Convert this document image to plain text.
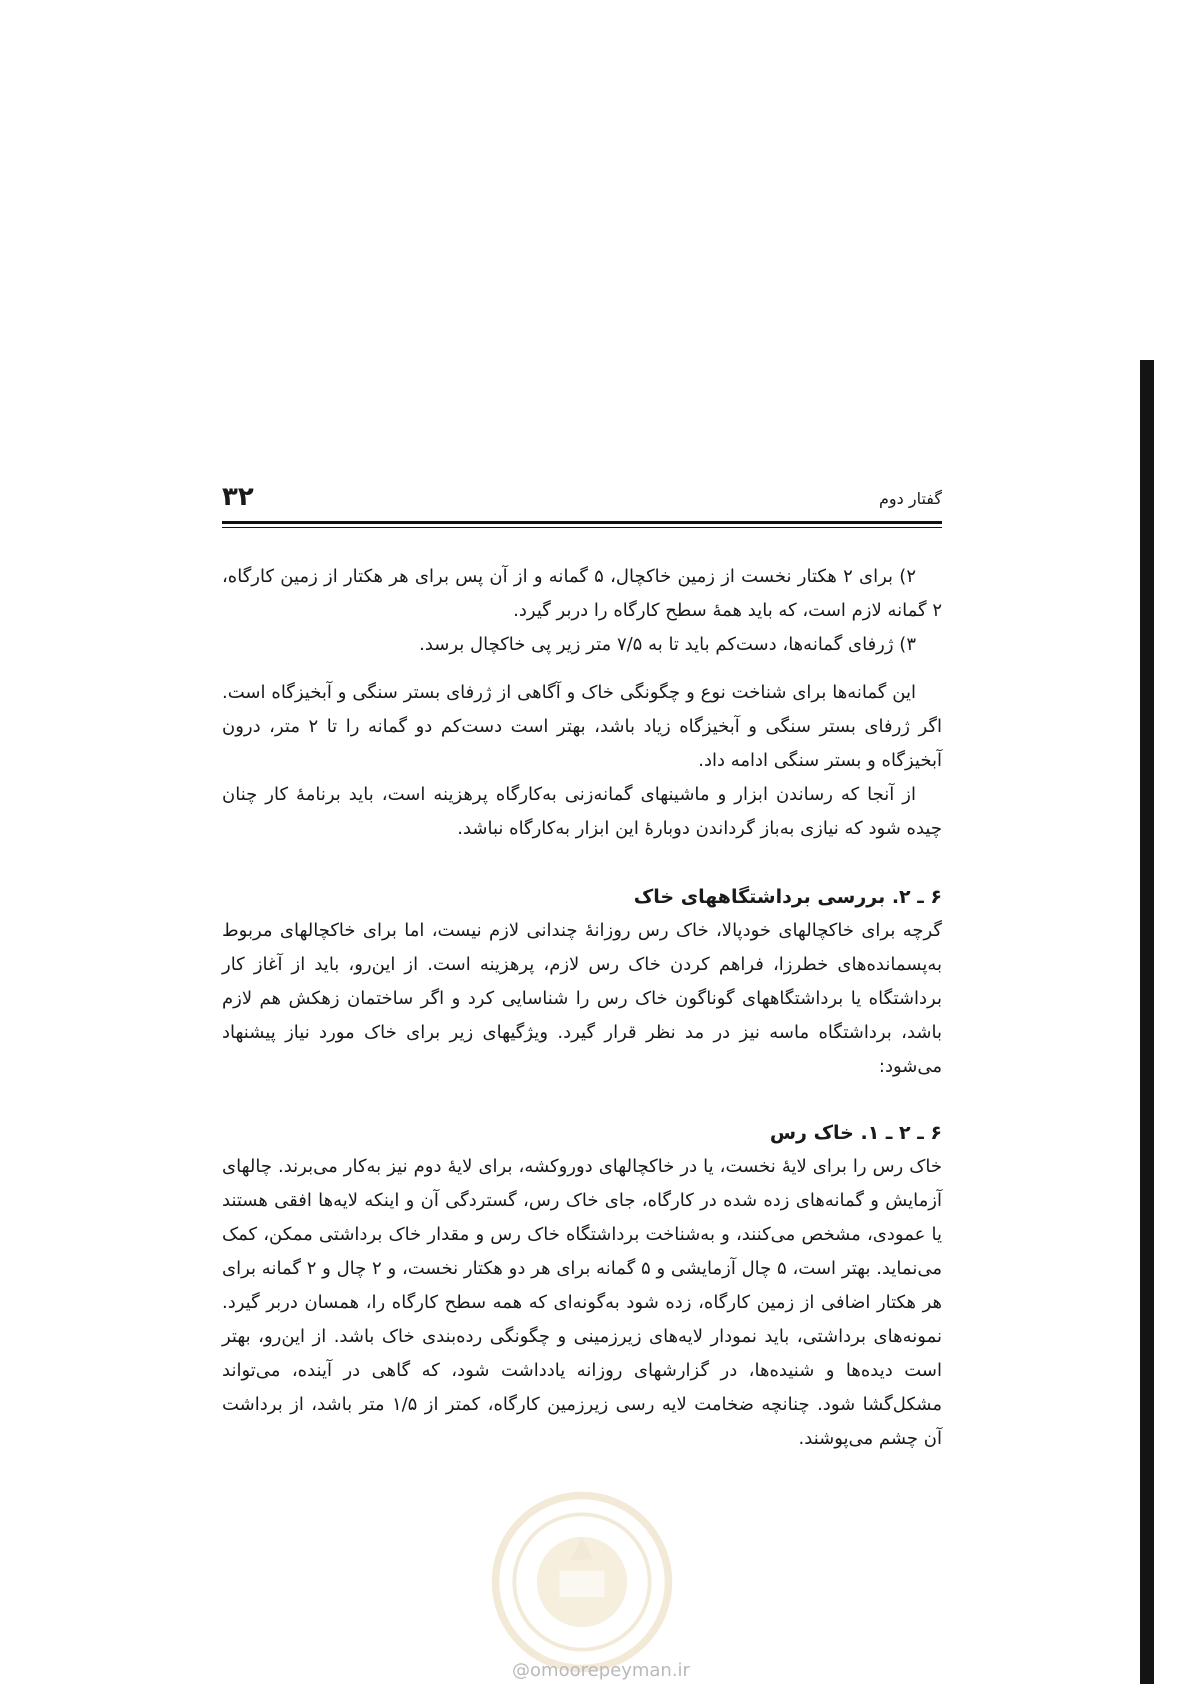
۳۲	گفتار دوم

۲) برای ۲ هکتار نخست از زمین خاکچال، ۵ گمانه و از آن پس برای هر هکتار از زمین کارگاه، ۲ گمانه لازم است، که باید همهٔ سطح کارگاه را دربر گیرد.

۳) ژرفای گمانه‌ها، دست‌کم باید تا به ۷/۵ متر زیر پی خاکچال برسد.

این گمانه‌ها برای شناخت نوع و چگونگی خاک و آگاهی از ژرفای بستر سنگی و آبخیزگاه است. اگر ژرفای بستر سنگی و آبخیزگاه زیاد باشد، بهتر است دست‌کم دو گمانه را تا ۲ متر، درون آبخیزگاه و بستر سنگی ادامه داد.

از آنجا که رساندن ابزار و ماشینهای گمانه‌زنی به‌کارگاه پرهزینه است، باید برنامهٔ کار چنان چیده شود که نیازی به‌باز گرداندن دوبارهٔ این ابزار به‌کارگاه نباشد.

۶ ـ ۲. بررسی برداشتگاههای خاک

گرچه برای خاکچالهای خودپالا، خاک رس روزانهٔ چندانی لازم نیست، اما برای خاکچالهای مربوط به‌پسمانده‌های خطرزا، فراهم کردن خاک رس لازم، پرهزینه است. از این‌رو، باید از آغاز کار برداشتگاه یا برداشتگاههای گوناگون خاک رس را شناسایی کرد و اگر ساختمان زهکش هم لازم باشد، برداشتگاه ماسه نیز در مد نظر قرار گیرد. ویژگیهای زیر برای خاک مورد نیاز پیشنهاد می‌شود:

۶ ـ ۲ ـ ۱. خاک رس

خاک رس را برای لایهٔ نخست، یا در خاکچالهای دوروکشه، برای لایهٔ دوم نیز به‌کار می‌برند. چالهای آزمایش و گمانه‌های زده شده در کارگاه، جای خاک رس، گستردگی آن و اینکه لایه‌ها افقی هستند یا عمودی، مشخص می‌کنند، و به‌شناخت برداشتگاه خاک رس و مقدار خاک برداشتی ممکن، کمک می‌نماید. بهتر است، ۵ چال آزمایشی و ۵ گمانه برای هر دو هکتار نخست، و ۲ چال و ۲ گمانه برای هر هکتار اضافی از زمین کارگاه، زده شود به‌گونه‌ای که همه سطح کارگاه را، همسان دربر گیرد. نمونه‌های برداشتی، باید نمودار لایه‌های زیرزمینی و چگونگی رده‌بندی خاک باشد. از این‌رو، بهتر است دیده‌ها و شنیده‌ها، در گزارشهای روزانه یادداشت شود، که گاهی در آینده، می‌تواند مشکل‌گشا شود. چنانچه ضخامت لایه رسی زیرزمین کارگاه، کمتر از ۱/۵ متر باشد، از برداشت آن چشم می‌پوشند.

@omoorepeyman.ir
